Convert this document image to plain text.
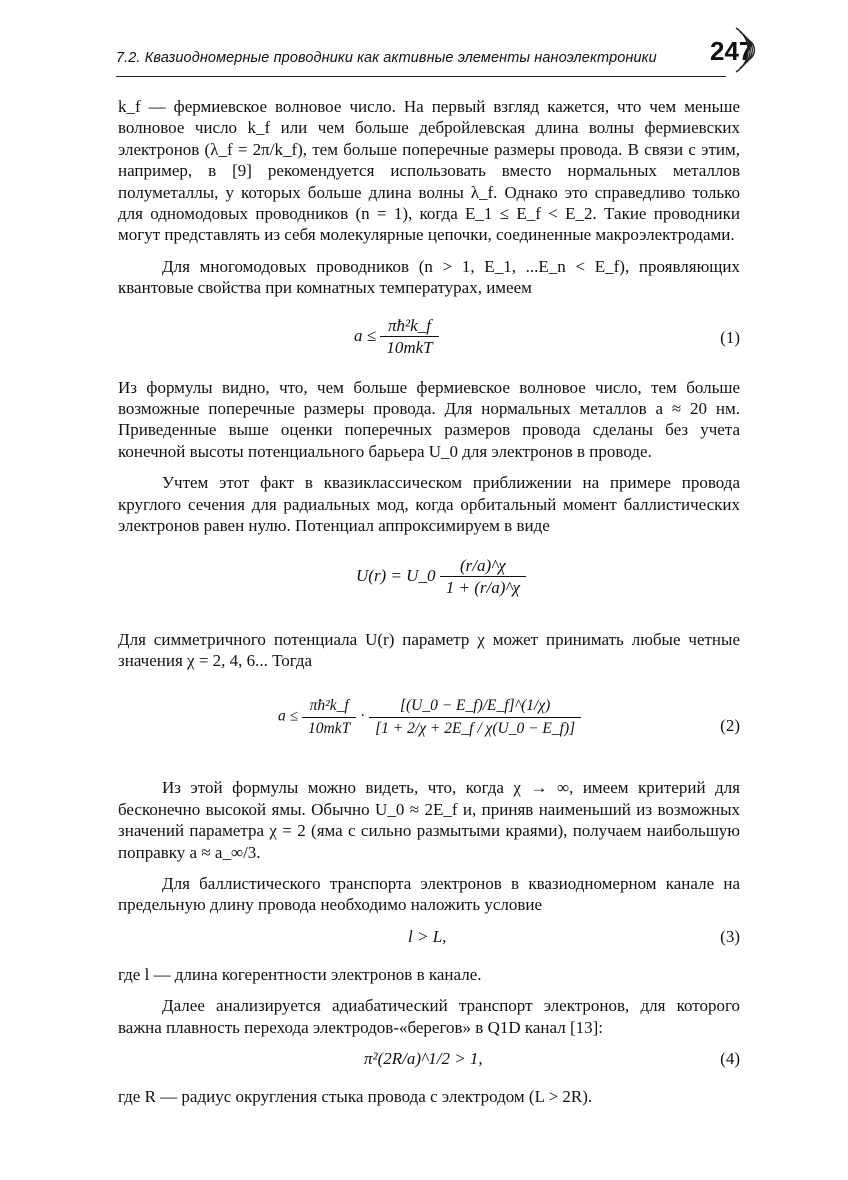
7.2. Квазиодномерные проводники как активные элементы наноэлектроники 247

k_f — фермиевское волновое число. На первый взгляд кажется, что чем меньше волновое число k_f или чем больше дебройлевская длина волны фермиевских электронов (λ_f = 2π/k_f), тем больше поперечные размеры провода. В связи с этим, например, в [9] рекомендуется использовать вместо нормальных металлов полуметаллы, у которых больше длина волны λ_f. Однако это справедливо только для одномодовых проводников (n = 1), когда E_1 ≤ E_f < E_2. Такие проводники могут представлять из себя молекулярные цепочки, соединенные макроэлектродами.

Для многомодовых проводников (n > 1, E_1, ...E_n < E_f), проявляющих квантовые свойства при комнатных температурах, имеем

$a \le \frac{\text{πħ²k\_f}}{\text{10mkT}}$	(1)

Из формулы видно, что, чем больше фермиевское волновое число, тем больше возможные поперечные размеры провода. Для нормальных металлов a ≈ 20 нм. Приведенные выше оценки поперечных размеров провода сделаны без учета конечной высоты потенциального барьера U_0 для электронов в проводе.

Учтем этот факт в квазиклассическом приближении на примере провода круглого сечения для радиальных мод, когда орбитальный момент баллистических электронов равен нулю. Потенциал аппроксимируем в виде

U(r) = U_0 $\frac{(r/a)\^{}\chi}{1 + (r/a)\^{}\chi}$

Для симметричного потенциала U(r) параметр χ может принимать любые четные значения χ = 2, 4, 6... Тогда

$a \le \frac{\text{πħ²k\_f}}{\text{10mkT}} \cdot \frac{[(U\_0 - E\_f)/E\_f]\^{}(1/\chi)}{[1 + 2/\chi + 2E\_f / \chi(U\_0 - E\_f)]}$	(2)

Из этой формулы можно видеть, что, когда χ → ∞, имеем критерий для бесконечно высокой ямы. Обычно U_0 ≈ 2E_f и, приняв наименьший из возможных значений параметра χ = 2 (яма с сильно размытыми краями), получаем наибольшую поправку a ≈ a_∞/3.

Для баллистического транспорта электронов в квазиодномерном канале на предельную длину провода необходимо наложить условие

l > L,	(3)

где l — длина когерентности электронов в канале.

Далее анализируется адиабатический транспорт электронов, для которого важна плавность перехода электродов-«берегов» в Q1D канал [13]:

π²(2R/a)^1/2 > 1,	(4)

где R — радиус округления стыка провода с электродом (L > 2R).
